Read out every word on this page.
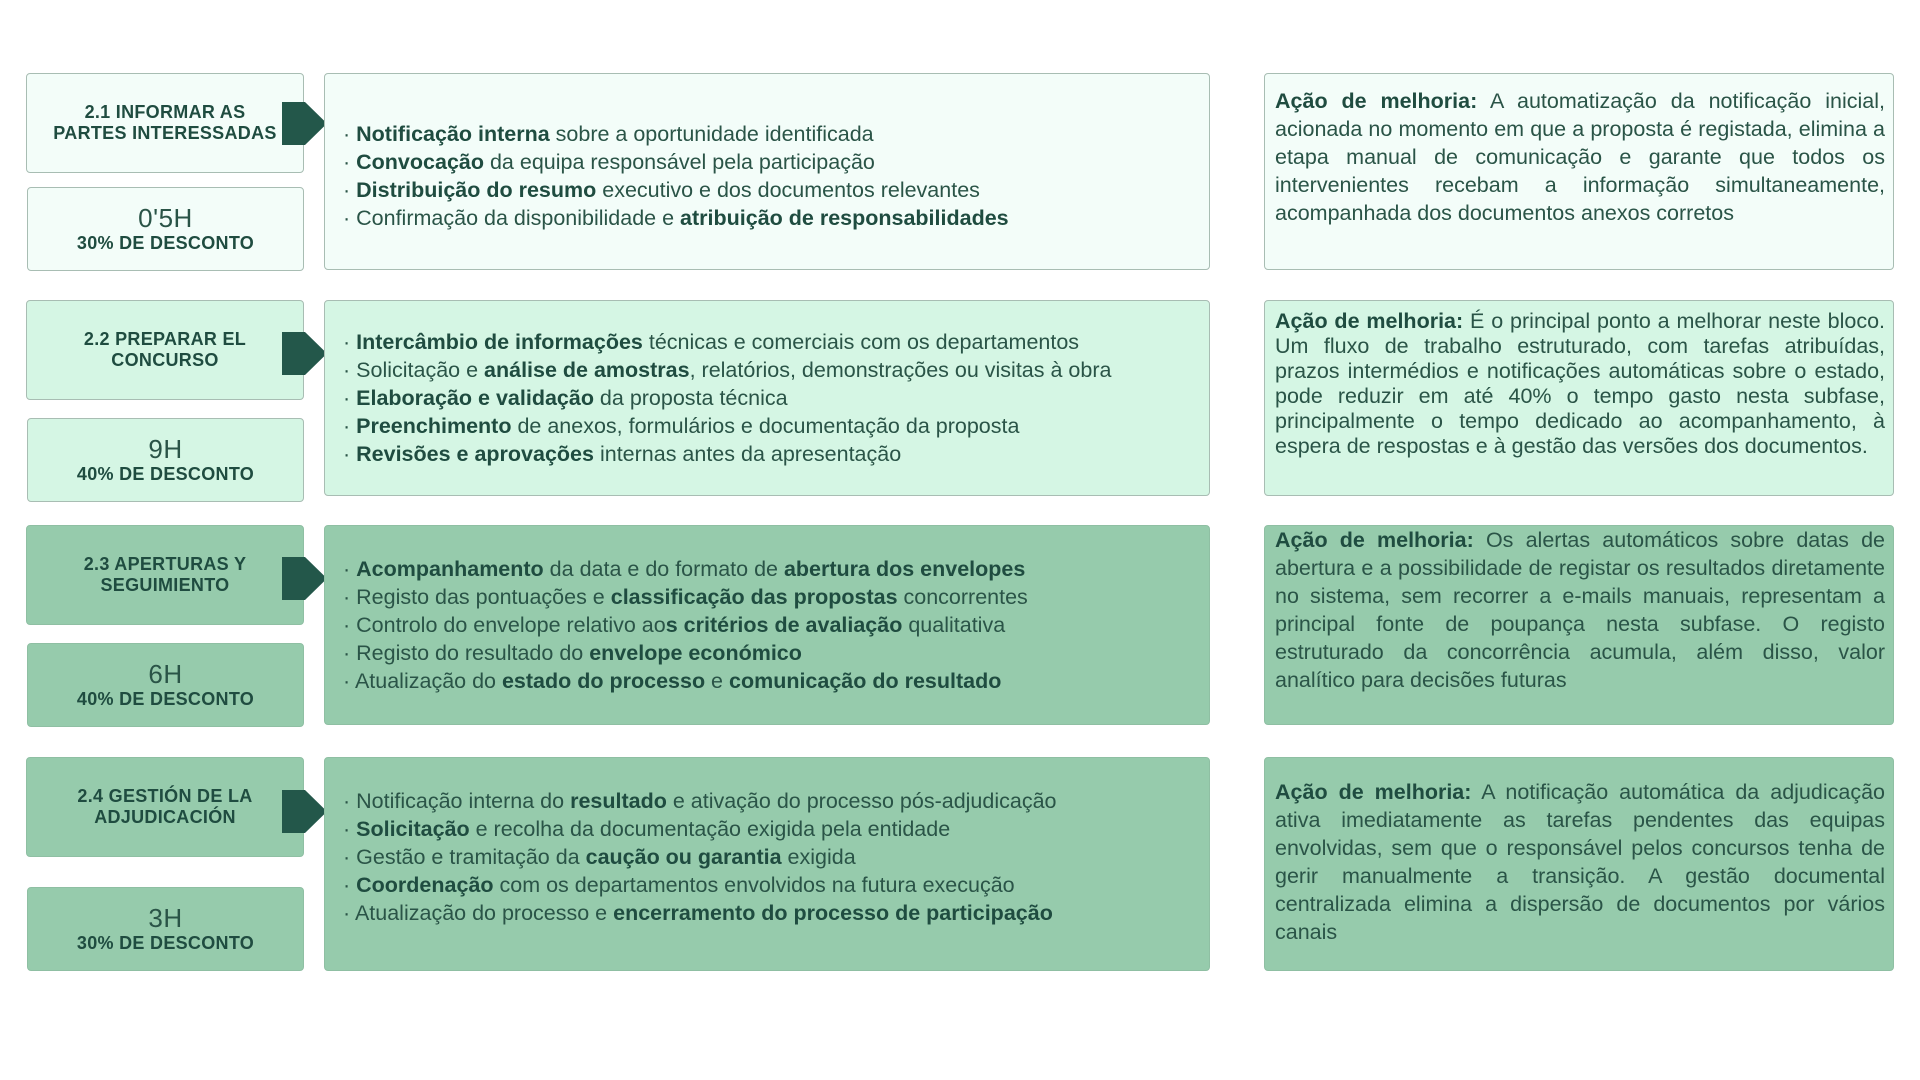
2.1 INFORMAR AS PARTES INTERESSADAS
0'5H
30% DE DESCONTO
· Notificação interna sobre a oportunidade identificada
· Convocação da equipa responsável pela participação
· Distribuição do resumo executivo e dos documentos relevantes
· Confirmação da disponibilidade e atribuição de responsabilidades

Ação de melhoria: A automatização da notificação inicial, acionada no momento em que a proposta é registada, elimina a etapa manual de comunicação e garante que todos os intervenientes recebam a informação simultaneamente, acompanhada dos documentos anexos corretos

2.2 PREPARAR EL CONCURSO
9H
40% DE DESCONTO
· Intercâmbio de informações técnicas e comerciais com os departamentos
· Solicitação e análise de amostras, relatórios, demonstrações ou visitas à obra
· Elaboração e validação da proposta técnica
· Preenchimento de anexos, formulários e documentação da proposta
· Revisões e aprovações internas antes da apresentação

Ação de melhoria: É o principal ponto a melhorar neste bloco. Um fluxo de trabalho estruturado, com tarefas atribuídas, prazos intermédios e notificações automáticas sobre o estado, pode reduzir em até 40% o tempo gasto nesta subfase, principalmente o tempo dedicado ao acompanhamento, à espera de respostas e à gestão das versões dos documentos.

2.3 APERTURAS Y SEGUIMIENTO
6H
40% DE DESCONTO
· Acompanhamento da data e do formato de abertura dos envelopes
· Registo das pontuações e classificação das propostas concorrentes
· Controlo do envelope relativo aos critérios de avaliação qualitativa
· Registo do resultado do envelope económico
· Atualização do estado do processo e comunicação do resultado

Ação de melhoria: Os alertas automáticos sobre datas de abertura e a possibilidade de registar os resultados diretamente no sistema, sem recorrer a e-mails manuais, representam a principal fonte de poupança nesta subfase. O registo estruturado da concorrência acumula, além disso, valor analítico para decisões futuras

2.4 GESTIÓN DE LA ADJUDICACIÓN
3H
30% DE DESCONTO
· Notificação interna do resultado e ativação do processo pós-adjudicação
· Solicitação e recolha da documentação exigida pela entidade
· Gestão e tramitação da caução ou garantia exigida
· Coordenação com os departamentos envolvidos na futura execução
· Atualização do processo e encerramento do processo de participação

Ação de melhoria: A notificação automática da adjudicação ativa imediatamente as tarefas pendentes das equipas envolvidas, sem que o responsável pelos concursos tenha de gerir manualmente a transição. A gestão documental centralizada elimina a dispersão de documentos por vários canais
